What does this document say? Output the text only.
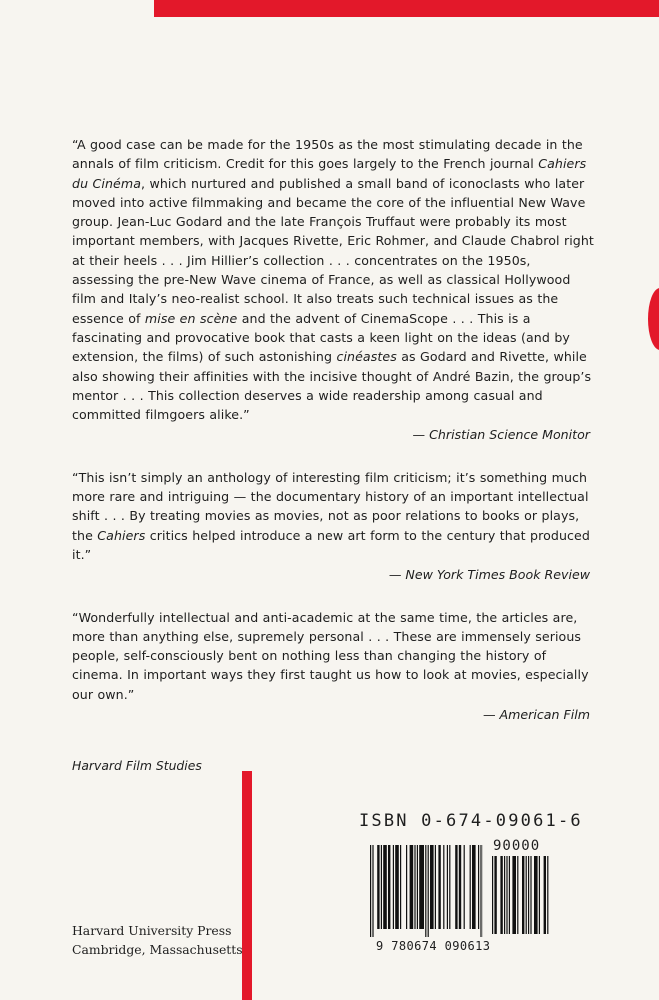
“A good case can be made for the 1950s as the most stimulating decade in the annals of film criticism. Credit for this goes largely to the French journal Cahiers du Cinéma, which nurtured and published a small band of iconoclasts who later moved into active filmmaking and became the core of the influential New Wave group. Jean-Luc Godard and the late François Truffaut were probably its most important members, with Jacques Rivette, Eric Rohmer, and Claude Chabrol right at their heels . . . Jim Hillier’s collection . . . concentrates on the 1950s, assessing the pre-New Wave cinema of France, as well as classical Hollywood film and Italy’s neo-realist school. It also treats such technical issues as the essence of mise en scène and the advent of CinemaScope . . . This is a fascinating and provocative book that casts a keen light on the ideas (and by extension, the films) of such astonishing cinéastes as Godard and Rivette, while also showing their affinities with the incisive thought of André Bazin, the group’s mentor . . . This collection deserves a wide readership among casual and committed filmgoers alike.”

— Christian Science Monitor

“This isn’t simply an anthology of interesting film criticism; it’s something much more rare and intriguing — the documentary history of an important intellectual shift . . . By treating movies as movies, not as poor relations to books or plays, the Cahiers critics helped introduce a new art form to the century that produced it.”

— New York Times Book Review

“Wonderfully intellectual and anti-academic at the same time, the articles are, more than anything else, supremely personal . . . These are immensely serious people, self-consciously bent on nothing less than changing the history of cinema. In important ways they first taught us how to look at movies, especially our own.”

— American Film
Harvard Film Studies
Harvard University Press
Cambridge, Massachusetts
ISBN 0-674-09061-6
90000
9 780674 090613
